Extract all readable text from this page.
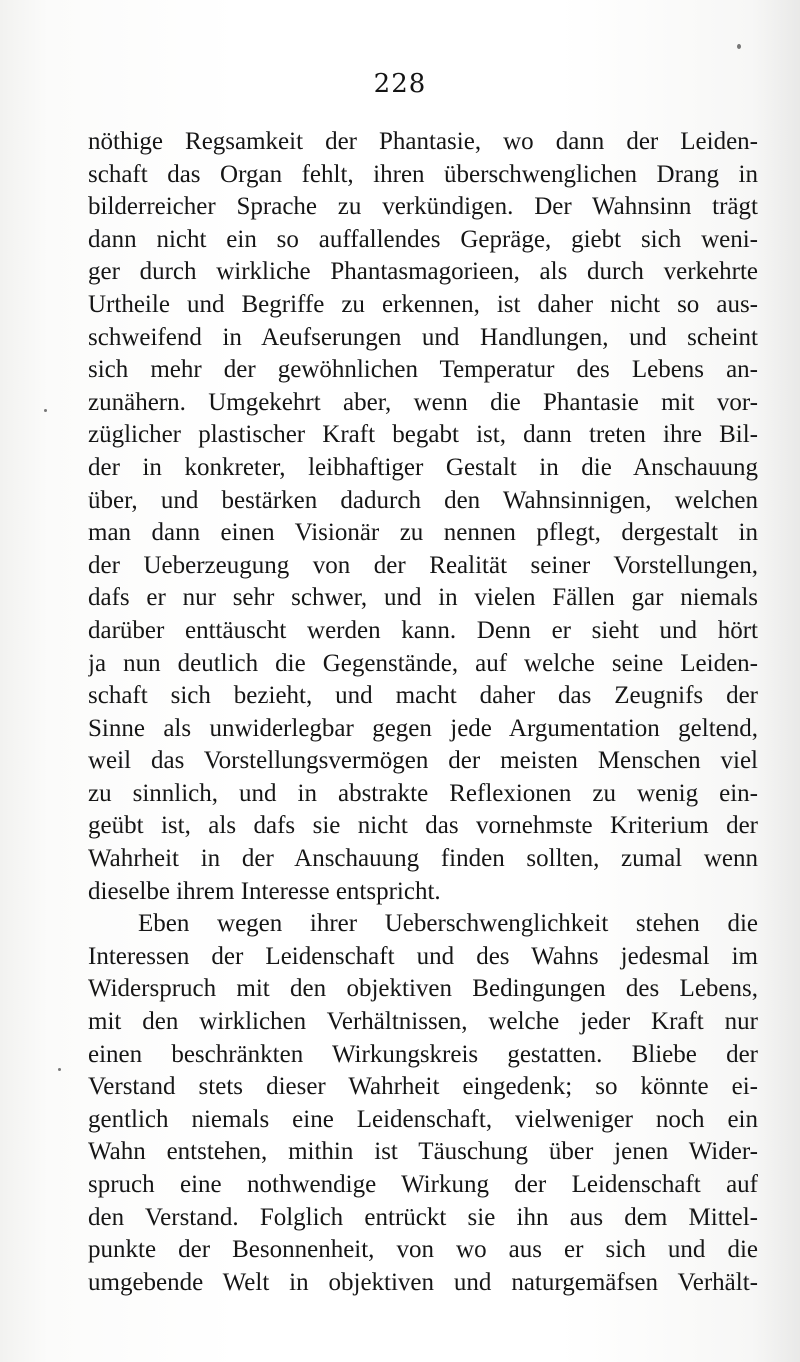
228
nöthige Regsamkeit der Phantasie, wo dann der Leiden-
schaft das Organ fehlt, ihren überschwenglichen Drang in
bilderreicher Sprache zu verkündigen. Der Wahnsinn trägt
dann nicht ein so auffallendes Gepräge, giebt sich weni-
ger durch wirkliche Phantasmagorieen, als durch verkehrte
Urtheile und Begriffe zu erkennen, ist daher nicht so aus-
schweifend in Aeufserungen und Handlungen, und scheint
sich mehr der gewöhnlichen Temperatur des Lebens an-
zunähern. Umgekehrt aber, wenn die Phantasie mit vor-
züglicher plastischer Kraft begabt ist, dann treten ihre Bil-
der in konkreter, leibhaftiger Gestalt in die Anschauung
über, und bestärken dadurch den Wahnsinnigen, welchen
man dann einen Visionär zu nennen pflegt, dergestalt in
der Ueberzeugung von der Realität seiner Vorstellungen,
dafs er nur sehr schwer, und in vielen Fällen gar niemals
darüber enttäuscht werden kann. Denn er sieht und hört
ja nun deutlich die Gegenstände, auf welche seine Leiden-
schaft sich bezieht, und macht daher das Zeugnifs der
Sinne als unwiderlegbar gegen jede Argumentation geltend,
weil das Vorstellungsvermögen der meisten Menschen viel
zu sinnlich, und in abstrakte Reflexionen zu wenig ein-
geübt ist, als dafs sie nicht das vornehmste Kriterium der
Wahrheit in der Anschauung finden sollten, zumal wenn
dieselbe ihrem Interesse entspricht.
Eben wegen ihrer Ueberschwenglichkeit stehen die
Interessen der Leidenschaft und des Wahns jedesmal im
Widerspruch mit den objektiven Bedingungen des Lebens,
mit den wirklichen Verhältnissen, welche jeder Kraft nur
einen beschränkten Wirkungskreis gestatten. Bliebe der
Verstand stets dieser Wahrheit eingedenk; so könnte ei-
gentlich niemals eine Leidenschaft, vielweniger noch ein
Wahn entstehen, mithin ist Täuschung über jenen Wider-
spruch eine nothwendige Wirkung der Leidenschaft auf
den Verstand. Folglich entrückt sie ihn aus dem Mittel-
punkte der Besonnenheit, von wo aus er sich und die
umgebende Welt in objektiven und naturgemäfsen Verhält-
